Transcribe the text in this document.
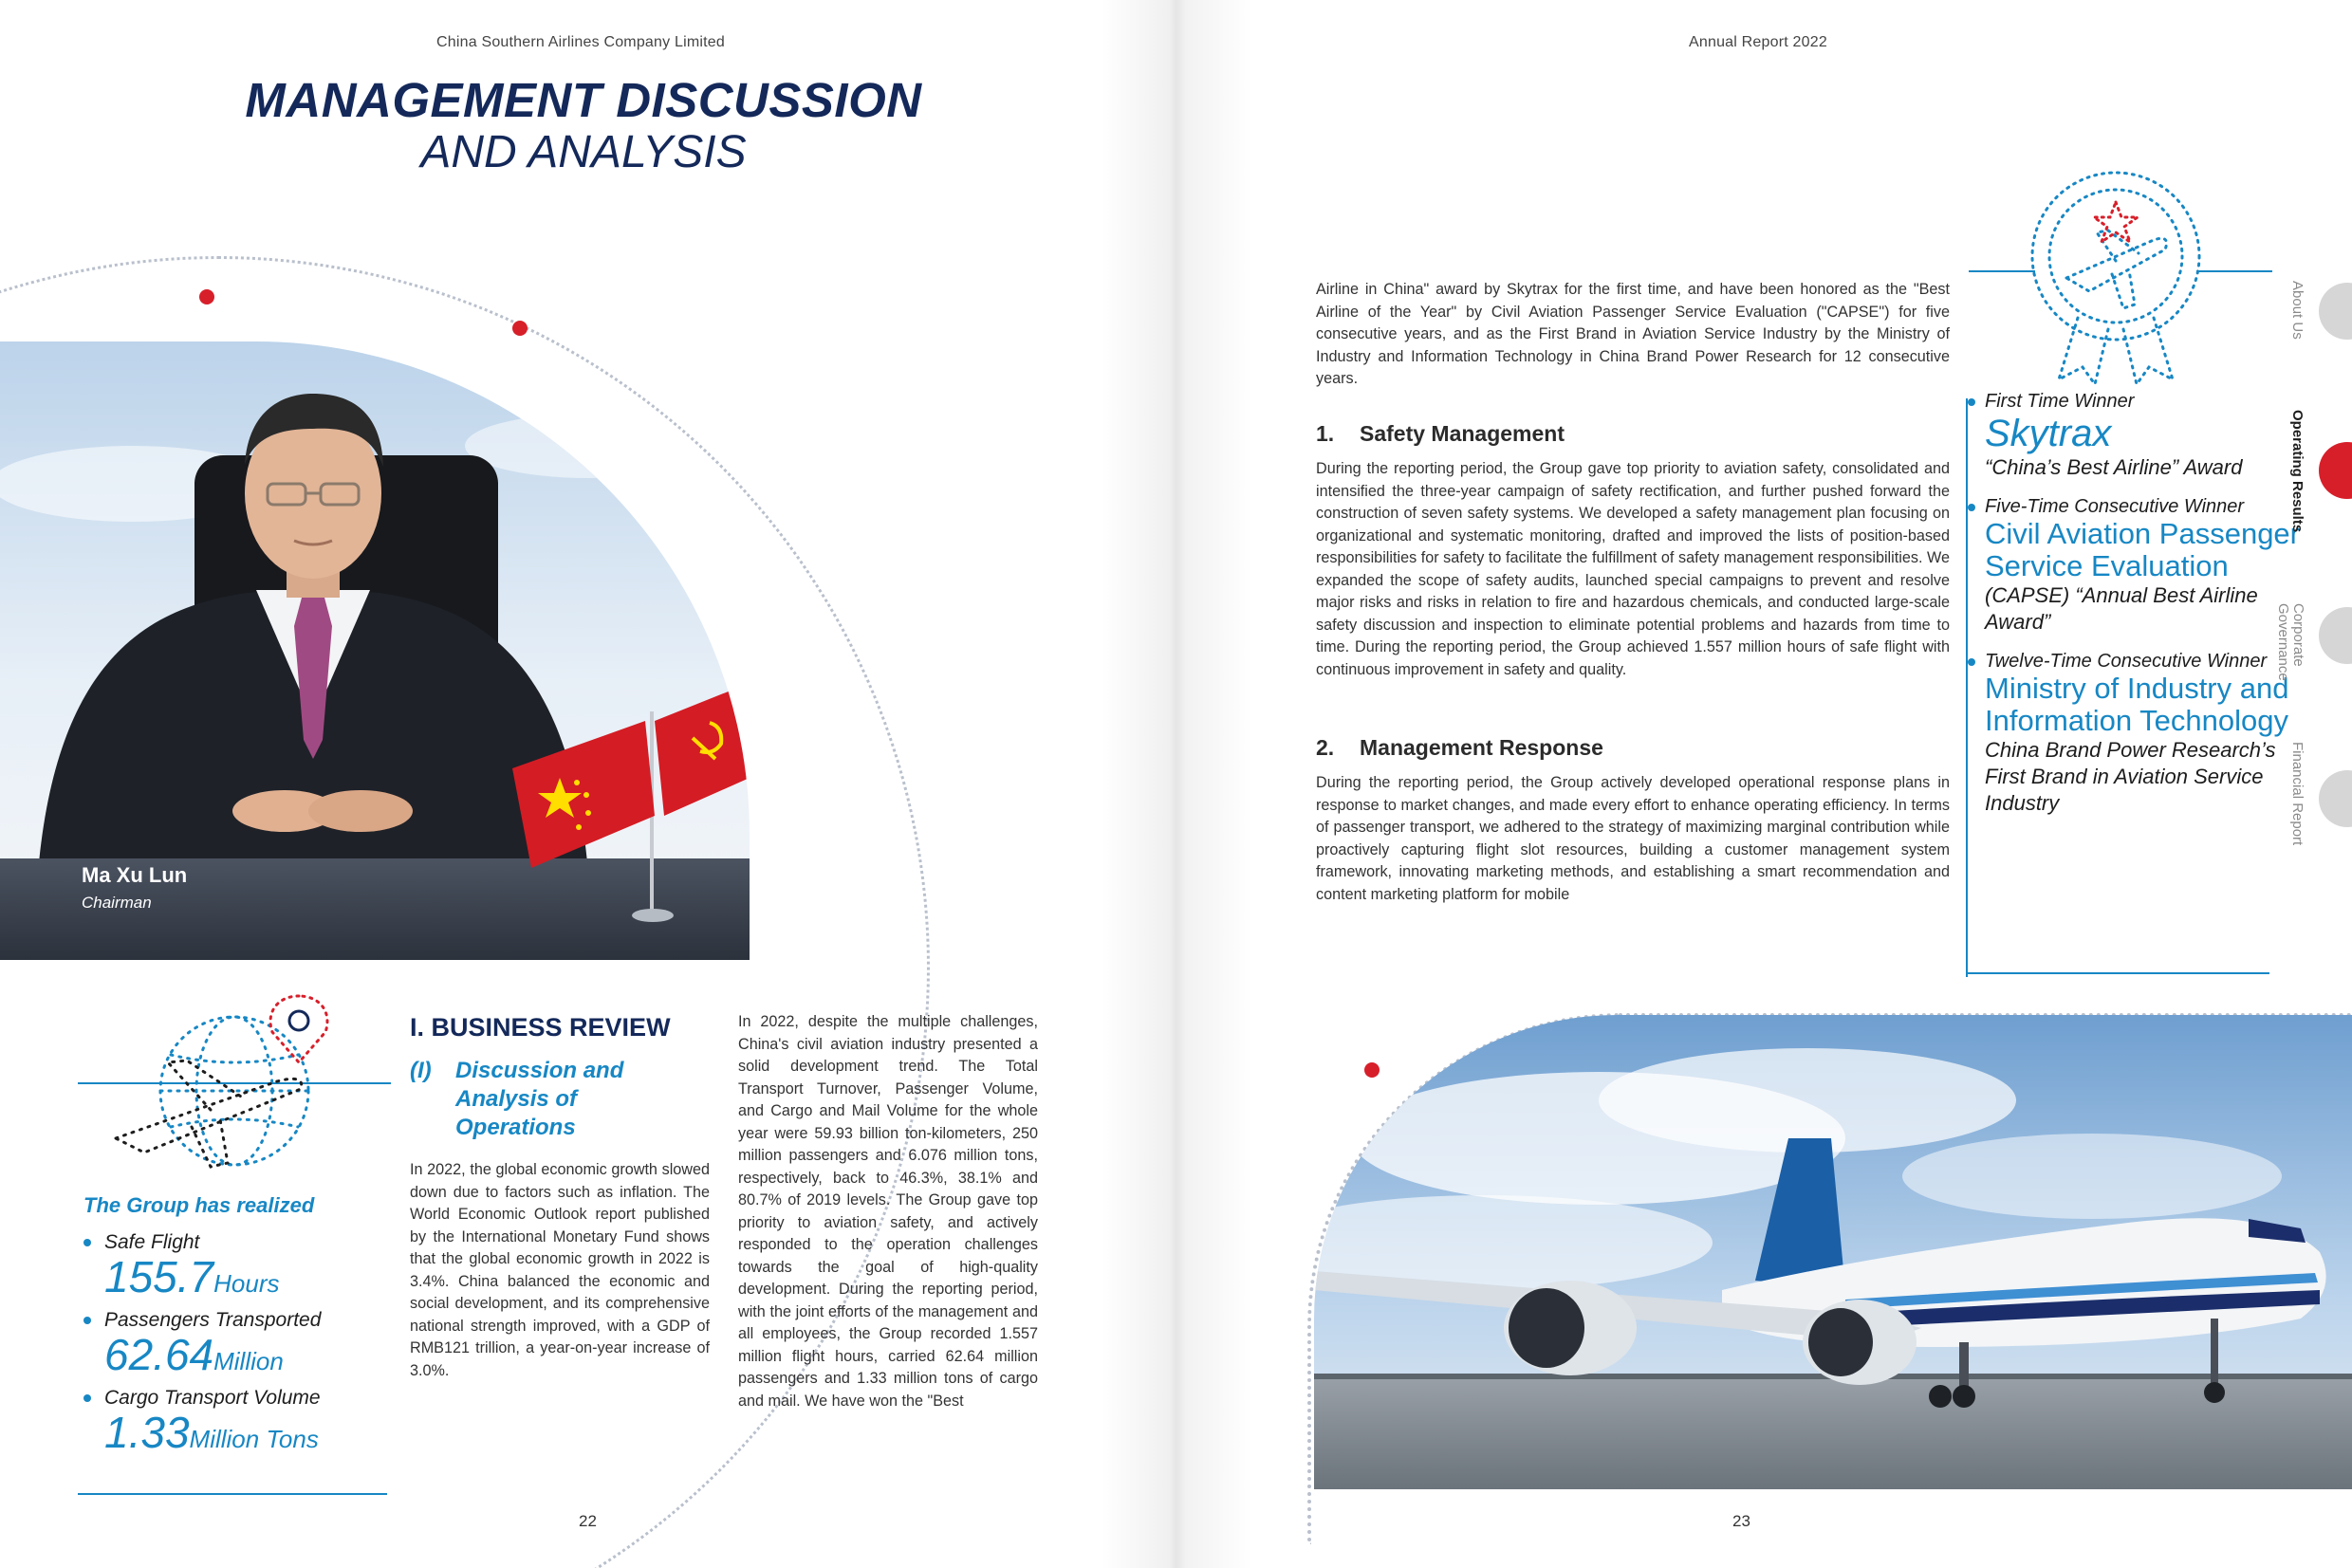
China Southern Airlines Company Limited
MANAGEMENT DISCUSSION
AND ANALYSIS
Ma Xu Lun
Chairman
The Group has realized
Safe Flight
155.7Hours
Passengers Transported
62.64Million
Cargo Transport Volume
1.33Million Tons
I. BUSINESS REVIEW
(I) Discussion and Analysis of Operations
In 2022, the global economic growth slowed down due to factors such as inflation. The World Economic Outlook report published by the International Monetary Fund shows that the global economic growth in 2022 is 3.4%. China balanced the economic and social development, and its comprehensive national strength improved, with a GDP of RMB121 trillion, a year-on-year increase of 3.0%.
In 2022, despite the multiple challenges, China's civil aviation industry presented a solid development trend. The Total Transport Turnover, Passenger Volume, and Cargo and Mail Volume for the whole year were 59.93 billion ton-kilometers, 250 million passengers and 6.076 million tons, respectively, back to 46.3%, 38.1% and 80.7% of 2019 levels. The Group gave top priority to aviation safety, and actively responded to the operation challenges towards the goal of high-quality development. During the reporting period, with the joint efforts of the management and all employees, the Group recorded 1.557 million flight hours, carried 62.64 million passengers and 1.33 million tons of cargo and mail. We have won the "Best
22
Annual Report 2022
Airline in China" award by Skytrax for the first time, and have been honored as the "Best Airline of the Year" by Civil Aviation Passenger Service Evaluation ("CAPSE") for five consecutive years, and as the First Brand in Aviation Service Industry by the Ministry of Industry and Information Technology in China Brand Power Research for 12 consecutive years.
1. Safety Management
During the reporting period, the Group gave top priority to aviation safety, consolidated and intensified the three-year campaign of safety rectification, and further pushed forward the construction of seven safety systems. We developed a safety management plan focusing on organizational and systematic monitoring, drafted and improved the lists of position-based responsibilities for safety to facilitate the fulfillment of safety management responsibilities. We expanded the scope of safety audits, launched special campaigns to prevent and resolve major risks and risks in relation to fire and hazardous chemicals, and conducted large-scale safety discussion and inspection to eliminate potential problems and hazards from time to time. During the reporting period, the Group achieved 1.557 million hours of safe flight with continuous improvement in safety and quality.
2. Management Response
During the reporting period, the Group actively developed operational response plans in response to market changes, and made every effort to enhance operating efficiency. In terms of passenger transport, we adhered to the strategy of maximizing marginal contribution while proactively capturing flight slot resources, building a customer management system framework, innovating marketing methods, and establishing a smart recommendation and content marketing platform for mobile
First Time Winner
Skytrax
“China’s Best Airline” Award
Five-Time Consecutive Winner
Civil Aviation Passenger Service Evaluation
(CAPSE) “Annual Best Airline Award”
Twelve-Time Consecutive Winner
Ministry of Industry and Information Technology
China Brand Power Research’s First Brand in Aviation Service Industry
About Us
Operating Results
Corporate Governance
Financial Report
23
